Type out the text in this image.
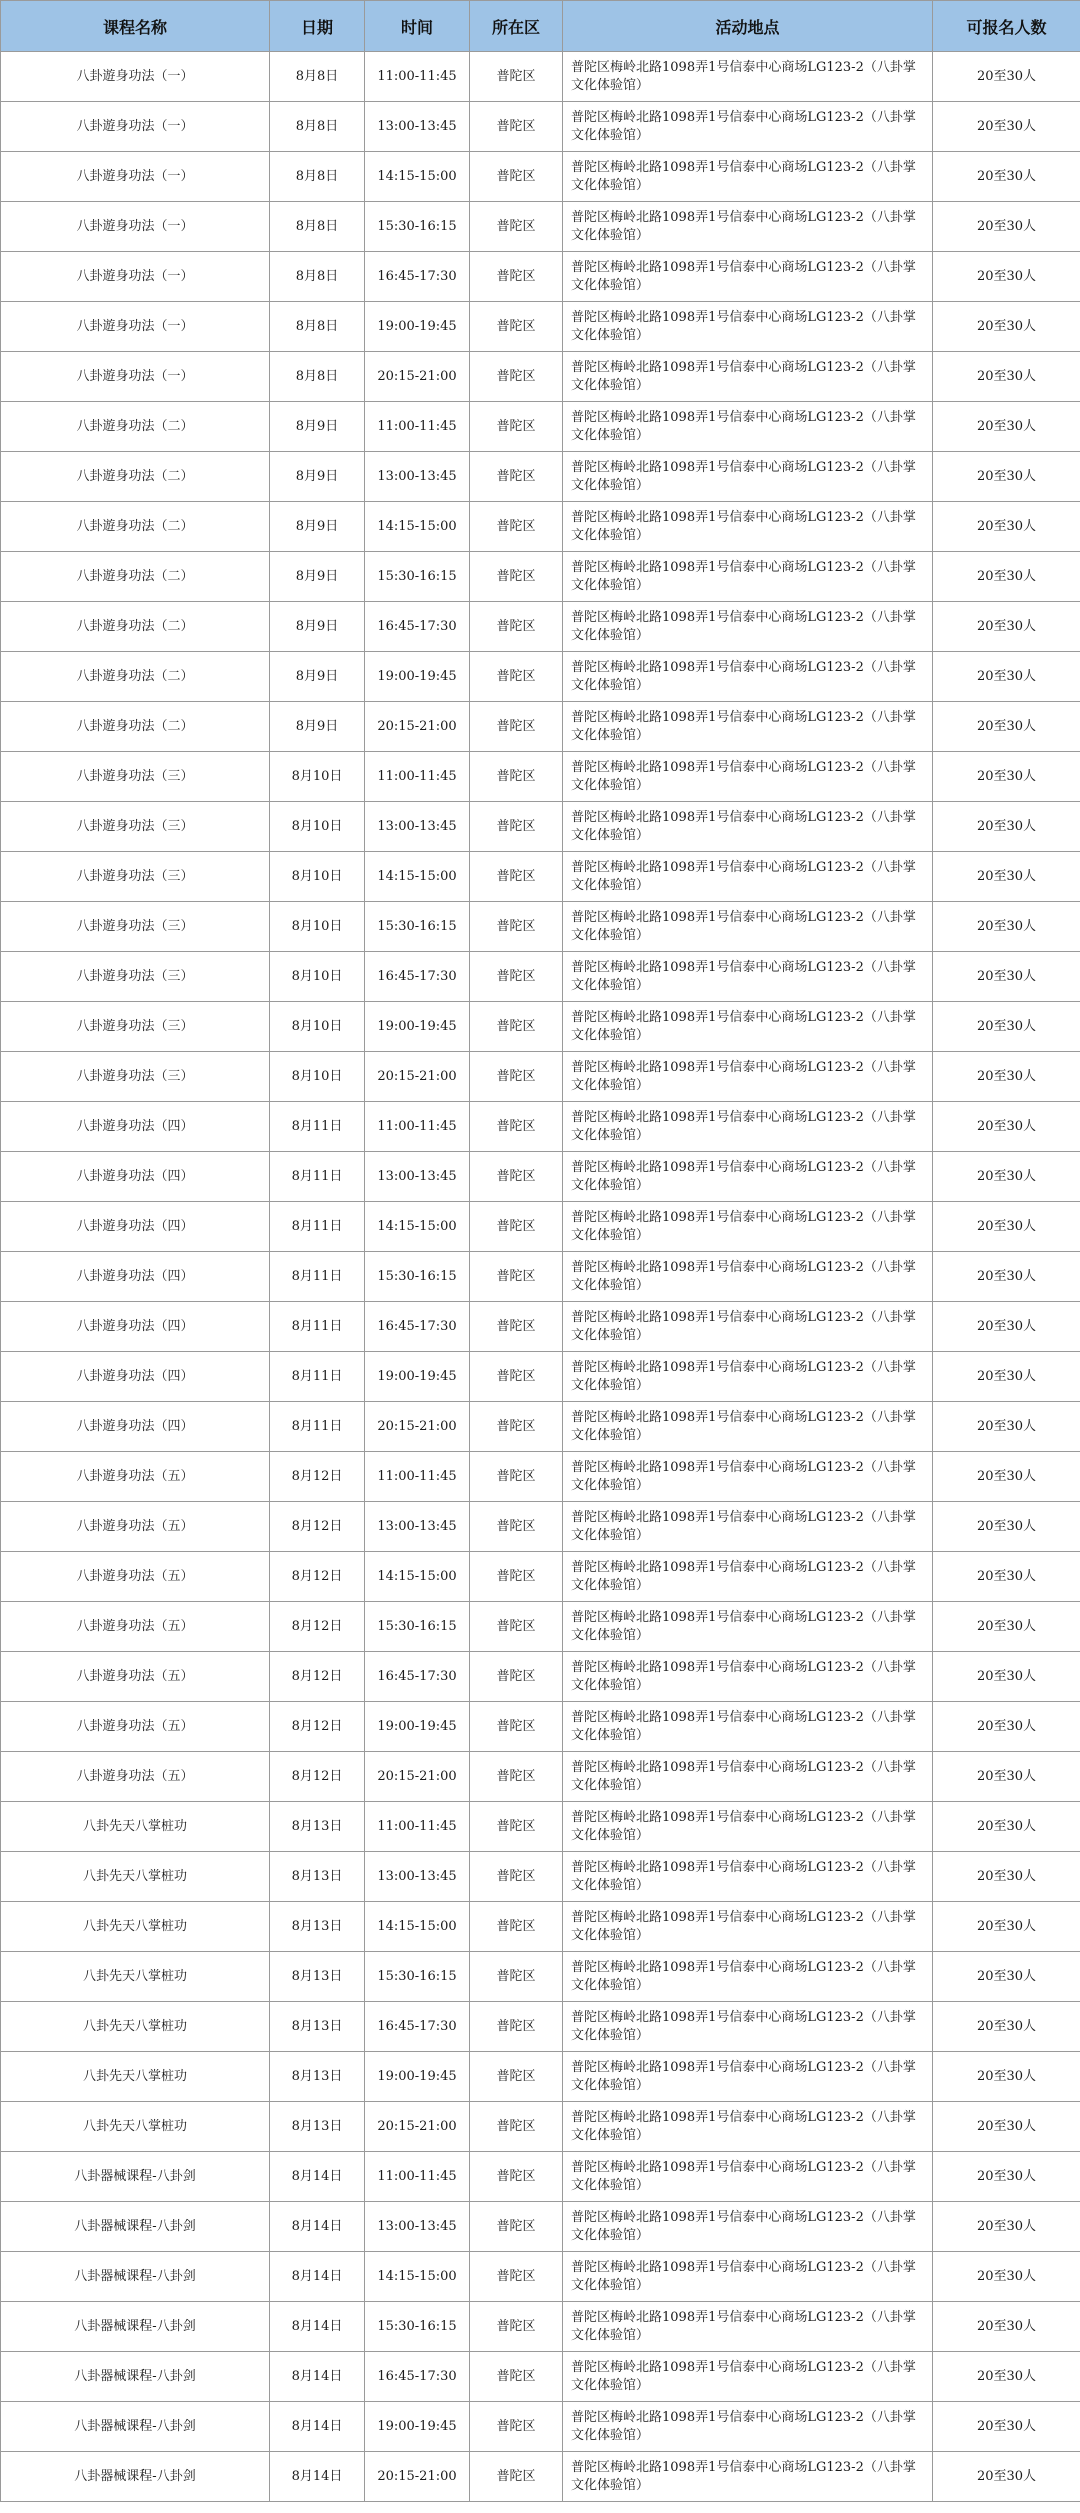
课程名称	日期	时间	所在区	活动地点	可报名人数
八卦遊身功法（一）	8月8日	11:00-11:45	普陀区	普陀区梅岭北路1098弄1号信泰中心商场LG123-2（八卦掌文化体验馆）	20至30人
八卦遊身功法（一）	8月8日	13:00-13:45	普陀区	普陀区梅岭北路1098弄1号信泰中心商场LG123-2（八卦掌文化体验馆）	20至30人
八卦遊身功法（一）	8月8日	14:15-15:00	普陀区	普陀区梅岭北路1098弄1号信泰中心商场LG123-2（八卦掌文化体验馆）	20至30人
八卦遊身功法（一）	8月8日	15:30-16:15	普陀区	普陀区梅岭北路1098弄1号信泰中心商场LG123-2（八卦掌文化体验馆）	20至30人
八卦遊身功法（一）	8月8日	16:45-17:30	普陀区	普陀区梅岭北路1098弄1号信泰中心商场LG123-2（八卦掌文化体验馆）	20至30人
八卦遊身功法（一）	8月8日	19:00-19:45	普陀区	普陀区梅岭北路1098弄1号信泰中心商场LG123-2（八卦掌文化体验馆）	20至30人
八卦遊身功法（一）	8月8日	20:15-21:00	普陀区	普陀区梅岭北路1098弄1号信泰中心商场LG123-2（八卦掌文化体验馆）	20至30人
八卦遊身功法（二）	8月9日	11:00-11:45	普陀区	普陀区梅岭北路1098弄1号信泰中心商场LG123-2（八卦掌文化体验馆）	20至30人
八卦遊身功法（二）	8月9日	13:00-13:45	普陀区	普陀区梅岭北路1098弄1号信泰中心商场LG123-2（八卦掌文化体验馆）	20至30人
八卦遊身功法（二）	8月9日	14:15-15:00	普陀区	普陀区梅岭北路1098弄1号信泰中心商场LG123-2（八卦掌文化体验馆）	20至30人
八卦遊身功法（二）	8月9日	15:30-16:15	普陀区	普陀区梅岭北路1098弄1号信泰中心商场LG123-2（八卦掌文化体验馆）	20至30人
八卦遊身功法（二）	8月9日	16:45-17:30	普陀区	普陀区梅岭北路1098弄1号信泰中心商场LG123-2（八卦掌文化体验馆）	20至30人
八卦遊身功法（二）	8月9日	19:00-19:45	普陀区	普陀区梅岭北路1098弄1号信泰中心商场LG123-2（八卦掌文化体验馆）	20至30人
八卦遊身功法（二）	8月9日	20:15-21:00	普陀区	普陀区梅岭北路1098弄1号信泰中心商场LG123-2（八卦掌文化体验馆）	20至30人
八卦遊身功法（三）	8月10日	11:00-11:45	普陀区	普陀区梅岭北路1098弄1号信泰中心商场LG123-2（八卦掌文化体验馆）	20至30人
八卦遊身功法（三）	8月10日	13:00-13:45	普陀区	普陀区梅岭北路1098弄1号信泰中心商场LG123-2（八卦掌文化体验馆）	20至30人
八卦遊身功法（三）	8月10日	14:15-15:00	普陀区	普陀区梅岭北路1098弄1号信泰中心商场LG123-2（八卦掌文化体验馆）	20至30人
八卦遊身功法（三）	8月10日	15:30-16:15	普陀区	普陀区梅岭北路1098弄1号信泰中心商场LG123-2（八卦掌文化体验馆）	20至30人
八卦遊身功法（三）	8月10日	16:45-17:30	普陀区	普陀区梅岭北路1098弄1号信泰中心商场LG123-2（八卦掌文化体验馆）	20至30人
八卦遊身功法（三）	8月10日	19:00-19:45	普陀区	普陀区梅岭北路1098弄1号信泰中心商场LG123-2（八卦掌文化体验馆）	20至30人
八卦遊身功法（三）	8月10日	20:15-21:00	普陀区	普陀区梅岭北路1098弄1号信泰中心商场LG123-2（八卦掌文化体验馆）	20至30人
八卦遊身功法（四）	8月11日	11:00-11:45	普陀区	普陀区梅岭北路1098弄1号信泰中心商场LG123-2（八卦掌文化体验馆）	20至30人
八卦遊身功法（四）	8月11日	13:00-13:45	普陀区	普陀区梅岭北路1098弄1号信泰中心商场LG123-2（八卦掌文化体验馆）	20至30人
八卦遊身功法（四）	8月11日	14:15-15:00	普陀区	普陀区梅岭北路1098弄1号信泰中心商场LG123-2（八卦掌文化体验馆）	20至30人
八卦遊身功法（四）	8月11日	15:30-16:15	普陀区	普陀区梅岭北路1098弄1号信泰中心商场LG123-2（八卦掌文化体验馆）	20至30人
八卦遊身功法（四）	8月11日	16:45-17:30	普陀区	普陀区梅岭北路1098弄1号信泰中心商场LG123-2（八卦掌文化体验馆）	20至30人
八卦遊身功法（四）	8月11日	19:00-19:45	普陀区	普陀区梅岭北路1098弄1号信泰中心商场LG123-2（八卦掌文化体验馆）	20至30人
八卦遊身功法（四）	8月11日	20:15-21:00	普陀区	普陀区梅岭北路1098弄1号信泰中心商场LG123-2（八卦掌文化体验馆）	20至30人
八卦遊身功法（五）	8月12日	11:00-11:45	普陀区	普陀区梅岭北路1098弄1号信泰中心商场LG123-2（八卦掌文化体验馆）	20至30人
八卦遊身功法（五）	8月12日	13:00-13:45	普陀区	普陀区梅岭北路1098弄1号信泰中心商场LG123-2（八卦掌文化体验馆）	20至30人
八卦遊身功法（五）	8月12日	14:15-15:00	普陀区	普陀区梅岭北路1098弄1号信泰中心商场LG123-2（八卦掌文化体验馆）	20至30人
八卦遊身功法（五）	8月12日	15:30-16:15	普陀区	普陀区梅岭北路1098弄1号信泰中心商场LG123-2（八卦掌文化体验馆）	20至30人
八卦遊身功法（五）	8月12日	16:45-17:30	普陀区	普陀区梅岭北路1098弄1号信泰中心商场LG123-2（八卦掌文化体验馆）	20至30人
八卦遊身功法（五）	8月12日	19:00-19:45	普陀区	普陀区梅岭北路1098弄1号信泰中心商场LG123-2（八卦掌文化体验馆）	20至30人
八卦遊身功法（五）	8月12日	20:15-21:00	普陀区	普陀区梅岭北路1098弄1号信泰中心商场LG123-2（八卦掌文化体验馆）	20至30人
八卦先天八掌桩功	8月13日	11:00-11:45	普陀区	普陀区梅岭北路1098弄1号信泰中心商场LG123-2（八卦掌文化体验馆）	20至30人
八卦先天八掌桩功	8月13日	13:00-13:45	普陀区	普陀区梅岭北路1098弄1号信泰中心商场LG123-2（八卦掌文化体验馆）	20至30人
八卦先天八掌桩功	8月13日	14:15-15:00	普陀区	普陀区梅岭北路1098弄1号信泰中心商场LG123-2（八卦掌文化体验馆）	20至30人
八卦先天八掌桩功	8月13日	15:30-16:15	普陀区	普陀区梅岭北路1098弄1号信泰中心商场LG123-2（八卦掌文化体验馆）	20至30人
八卦先天八掌桩功	8月13日	16:45-17:30	普陀区	普陀区梅岭北路1098弄1号信泰中心商场LG123-2（八卦掌文化体验馆）	20至30人
八卦先天八掌桩功	8月13日	19:00-19:45	普陀区	普陀区梅岭北路1098弄1号信泰中心商场LG123-2（八卦掌文化体验馆）	20至30人
八卦先天八掌桩功	8月13日	20:15-21:00	普陀区	普陀区梅岭北路1098弄1号信泰中心商场LG123-2（八卦掌文化体验馆）	20至30人
八卦器械课程-八卦剑	8月14日	11:00-11:45	普陀区	普陀区梅岭北路1098弄1号信泰中心商场LG123-2（八卦掌文化体验馆）	20至30人
八卦器械课程-八卦剑	8月14日	13:00-13:45	普陀区	普陀区梅岭北路1098弄1号信泰中心商场LG123-2（八卦掌文化体验馆）	20至30人
八卦器械课程-八卦剑	8月14日	14:15-15:00	普陀区	普陀区梅岭北路1098弄1号信泰中心商场LG123-2（八卦掌文化体验馆）	20至30人
八卦器械课程-八卦剑	8月14日	15:30-16:15	普陀区	普陀区梅岭北路1098弄1号信泰中心商场LG123-2（八卦掌文化体验馆）	20至30人
八卦器械课程-八卦剑	8月14日	16:45-17:30	普陀区	普陀区梅岭北路1098弄1号信泰中心商场LG123-2（八卦掌文化体验馆）	20至30人
八卦器械课程-八卦剑	8月14日	19:00-19:45	普陀区	普陀区梅岭北路1098弄1号信泰中心商场LG123-2（八卦掌文化体验馆）	20至30人
八卦器械课程-八卦剑	8月14日	20:15-21:00	普陀区	普陀区梅岭北路1098弄1号信泰中心商场LG123-2（八卦掌文化体验馆）	20至30人
